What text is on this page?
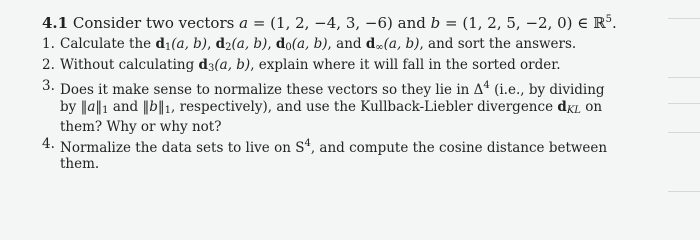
4.1 Consider two vectors a = (1, 2, −4, 3, −6) and b = (1, 2, 5, −2, 0) ∈ ℝ$^5$.
1. Calculate the $d_1(a$, b), $d_2(a$, b), $d_0(a$, b), and $d_\infty(a$, b), and sort the answers.
2. Without calculating $d_3(a$, b), explain where it will fall in the sorted order.
3. Does it make sense to normalize these vectors so they lie in $\Delta^4$ (i.e., by dividing
by $‖a‖_1$ and $‖b‖_1$, respectively), and use the Kullback-Liebler divergence $d_{KL}$ on
them? Why or why not?
4. Normalize the data sets to live on $S^4$, and compute the cosine distance between
them.
